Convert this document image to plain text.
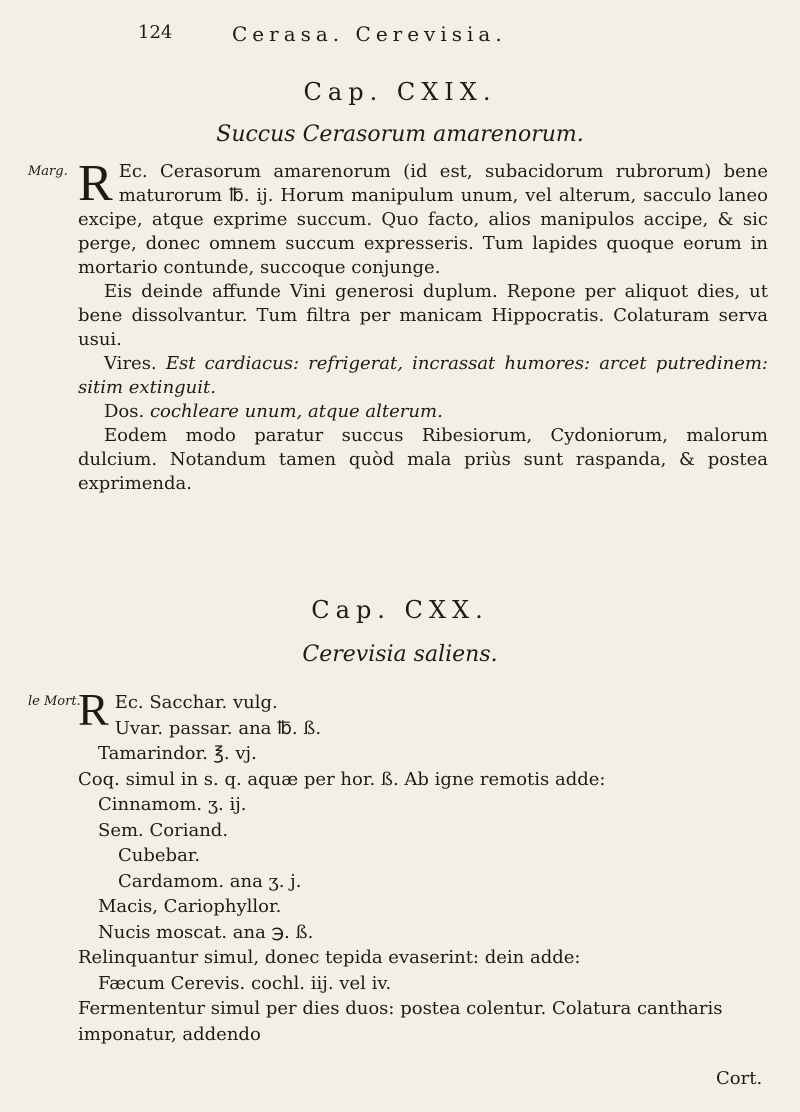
124	Cerasa. Cerevisia.
Cap. CXIX.
Succus Cerasorum amarenorum.
Marg. R Ec. Cerasorum amarenorum (id est, subacidorum rubrorum) bene maturorum ℔. ij. Horum manipulum unum, vel alterum, sacculo laneo excipe, atque exprime succum. Quo facto, alios manipulos accipe, & sic perge, donec omnem succum expresseris. Tum lapides quoque eorum in mortario contunde, succoque conjunge.

Eis deinde affunde Vini generosi duplum. Repone per aliquot dies, ut bene dissolvantur. Tum filtra per manicam Hippocratis. Colaturam serva usui.

Vires. Est cardiacus: refrigerat, incrassat humores: arcet putredinem: sitim extinguit.

Dos. cochleare unum, atque alterum.

Eodem modo paratur succus Ribesiorum, Cydoniorum, malorum dulcium. Notandum tamen quòd mala priùs sunt raspanda, & postea exprimenda.

Cap. CXX.
Cerevisia saliens.
le Mort.
R Ec. Sacchar. vulg.
Uvar. passar. ana ℔. ß.
Tamarindor. ℥. vj.
Coq. simul in s. q. aquæ per hor. ß. Ab igne remotis adde:
Cinnamom. ʒ. ij.
Sem. Coriand.
Cubebar.
Cardamom. ana ʒ. j.
Macis, Cariophyllor.
Nucis moscat. ana ℈. ß.
Relinquantur simul, donec tepida evaserint: dein adde:
Fæcum Cerevis. cochl. iij. vel iv.
Fermententur simul per dies duos: postea colentur. Colatura cantharis
imponatur, addendo
Cort.
